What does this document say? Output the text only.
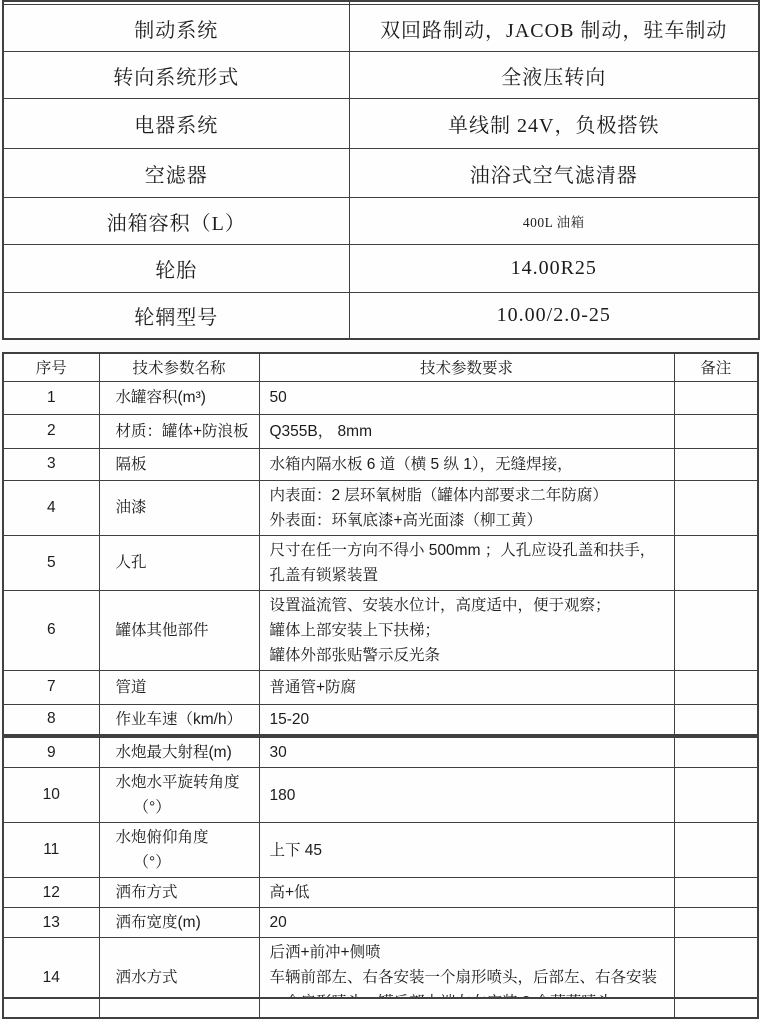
制动系统	双回路制动，JACOB 制动，驻车制动
转向系统形式	全液压转向
电器系统	单线制 24V，负极搭铁
空滤器	油浴式空气滤清器
油箱容积（L）	400L 油箱
轮胎	14.00R25
轮辋型号	10.00/2.0-25
序号	技术参数名称	技术参数要求	备注
1	水罐容积(m³)	50	

2	材质：罐体+防浪板	Q355B， 8mm	

3	隔板	水箱内隔水板 6 道（横 5 纵 1），无缝焊接，	

4	油漆	内表面：2 层环氧树脂（罐体内部要求二年防腐）
外表面：环氧底漆+高光面漆（柳工黄）	

5	人孔	尺寸在任一方向不得小 500mm ；人孔应设孔盖和扶手，
孔盖有锁紧装置	

6	罐体其他部件	设置溢流管、安装水位计，高度适中，便于观察；
罐体上部安装上下扶梯；
罐体外部张贴警示反光条	

7	管道	普通管+防腐	

8	作业车速（km/h）	15-20	

9	水炮最大射程(m)	30	

10	水炮水平旋转角度
（°）	180	

11	水炮俯仰角度
（°）	上下 45	

12	洒布方式	高+低	

13	洒布宽度(m)	20	

14	洒水方式	后洒+前冲+侧喷
车辆前部左、右各安装一个扇形喷头，后部左、右各安装	
